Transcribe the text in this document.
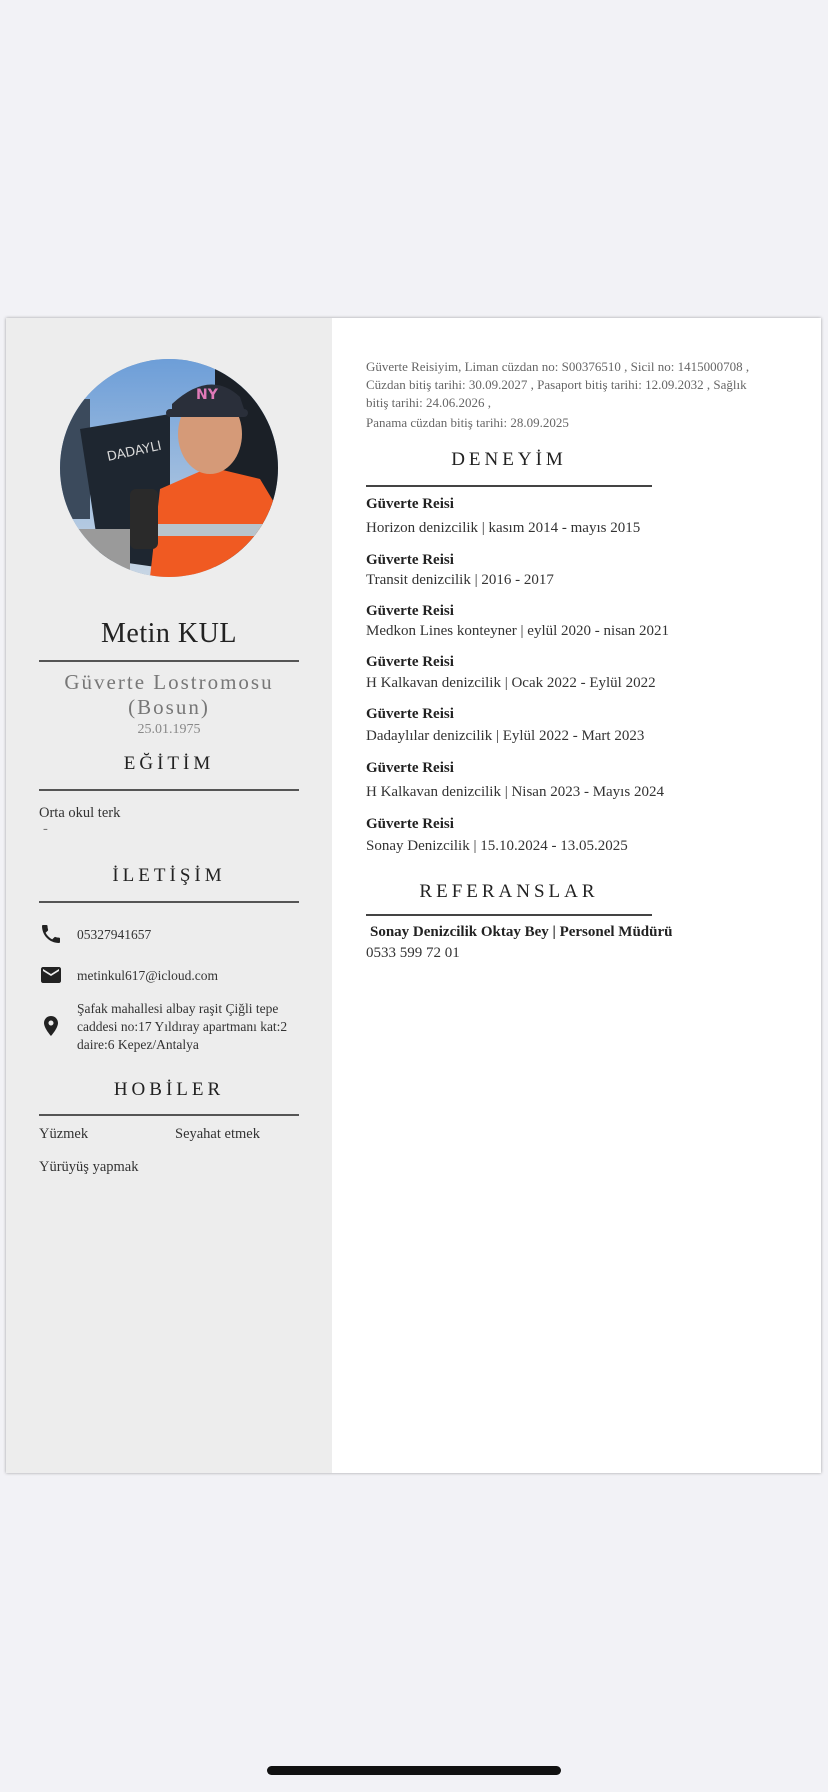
DADAYLI
NY
Metin KUL
Güverte Lostromosu
(Bosun)
25.01.1975
EĞİTİM
Orta okul terk
-
İLETİŞİM
05327941657
metinkul617@icloud.com
Şafak mahallesi albay raşit Çiğli tepe
caddesi no:17 Yıldıray apartmanı kat:2
daire:6 Kepez/Antalya
HOBİLER
Yüzmek	Seyahat etmek
Yürüyüş yapmak
Güverte Reisiyim, Liman cüzdan no: S00376510 , Sicil no: 1415000708 ,
Cüzdan bitiş tarihi: 30.09.2027 , Pasaport bitiş tarihi: 12.09.2032 , Sağlık
bitiş tarihi: 24.06.2026 ,
Panama cüzdan bitiş tarihi: 28.09.2025
DENEYİM
Güverte Reisi
Horizon denizcilik | kasım 2014 - mayıs 2015
Güverte Reisi
Transit denizcilik | 2016 - 2017
Güverte Reisi
Medkon Lines konteyner | eylül 2020 - nisan 2021
Güverte Reisi
H Kalkavan denizcilik | Ocak 2022 - Eylül 2022
Güverte Reisi
Dadaylılar denizcilik | Eylül 2022 - Mart 2023
Güverte Reisi
H Kalkavan denizcilik | Nisan 2023 - Mayıs 2024
Güverte Reisi
Sonay Denizcilik | 15.10.2024 - 13.05.2025
REFERANSLAR
Sonay Denizcilik Oktay Bey | Personel Müdürü
0533 599 72 01
